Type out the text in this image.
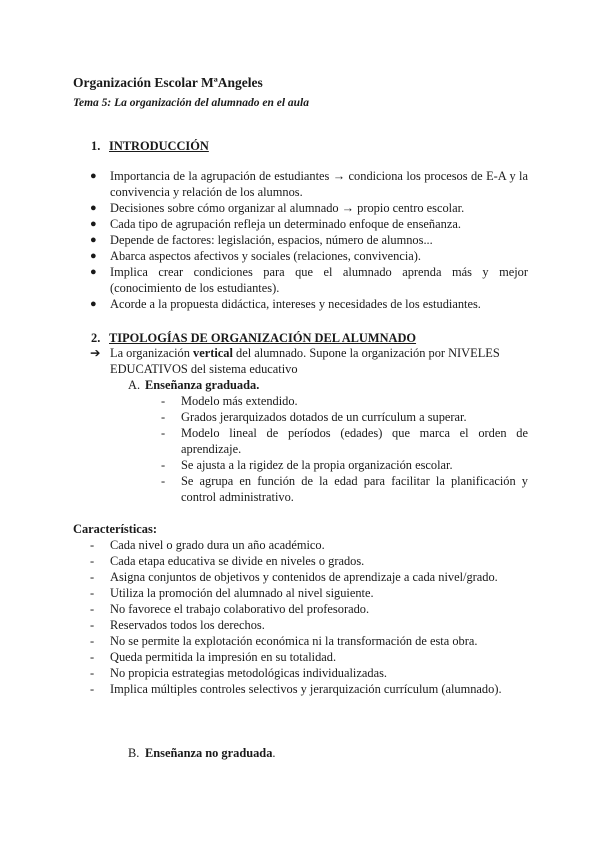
Organización Escolar MªAngeles
Tema 5: La organización del alumnado en el aula
1. INTRODUCCIÓN
● Importancia de la agrupación de estudiantes → condiciona los procesos de E-A y la convivencia y relación de los alumnos.
● Decisiones sobre cómo organizar al alumnado → propio centro escolar.
● Cada tipo de agrupación refleja un determinado enfoque de enseñanza.
● Depende de factores: legislación, espacios, número de alumnos...
● Abarca aspectos afectivos y sociales (relaciones, convivencia).
● Implica crear condiciones para que el alumnado aprenda más y mejor (conocimiento de los estudiantes).
● Acorde a la propuesta didáctica, intereses y necesidades de los estudiantes.
2. TIPOLOGÍAS DE ORGANIZACIÓN DEL ALUMNADO
➔ La organización vertical del alumnado. Supone la organización por NIVELES EDUCATIVOS del sistema educativo
A. Enseñanza graduada.
- Modelo más extendido.
- Grados jerarquizados dotados de un currículum a superar.
- Modelo lineal de períodos (edades) que marca el orden de aprendizaje.
- Se ajusta a la rigidez de la propia organización escolar.
- Se agrupa en función de la edad para facilitar la planificación y control administrativo.
Características:
- Cada nivel o grado dura un año académico.
- Cada etapa educativa se divide en niveles o grados.
- Asigna conjuntos de objetivos y contenidos de aprendizaje a cada nivel/grado.
- Utiliza la promoción del alumnado al nivel siguiente.
- No favorece el trabajo colaborativo del profesorado.
- Reservados todos los derechos.
- No se permite la explotación económica ni la transformación de esta obra.
- Queda permitida la impresión en su totalidad.
- No propicia estrategias metodológicas individualizadas.
- Implica múltiples controles selectivos y jerarquización currículum (alumnado).
B. Enseñanza no graduada.
